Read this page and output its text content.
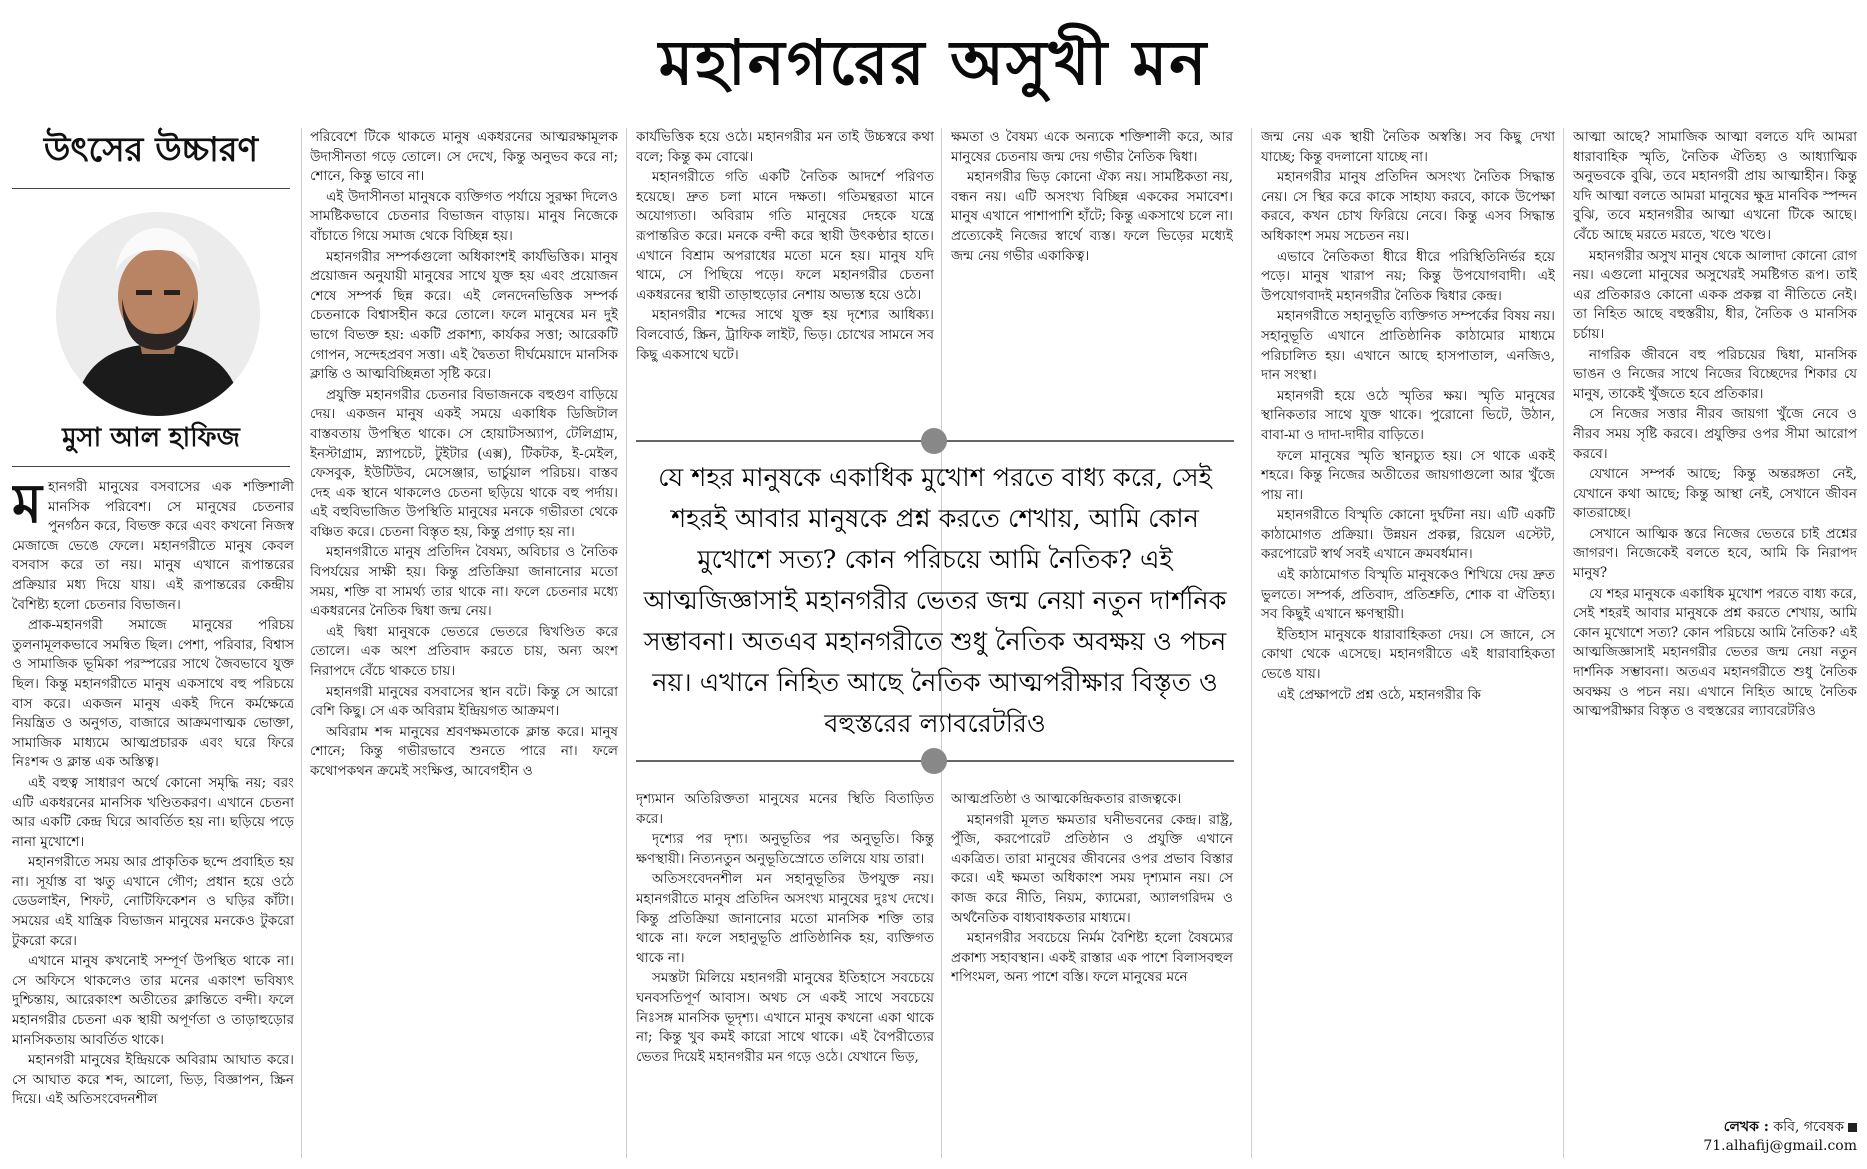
মহানগরের অসুখী মন
উৎসের উচ্চারণ
মুসা আল হাফিজ

মহানগরী মানুষের বসবাসের এক শক্তিশালী মানসিক পরিবেশ। সে মানুষের চেতনার পুনর্গঠন করে, বিভক্ত করে এবং কখনো নিজস্ব মেজাজে ভেঙে ফেলে। মহানগরীতে মানুষ কেবল বসবাস করে তা নয়। মানুষ এখানে রূপান্তরের প্রক্রিয়ার মধ্য দিয়ে যায়। এই রূপান্তরের কেন্দ্রীয় বৈশিষ্ট্য হলো চেতনার বিভাজন।

প্রাক-মহানগরী সমাজে মানুষের পরিচয় তুলনামূলকভাবে সমন্বিত ছিল। পেশা, পরিবার, বিশ্বাস ও সামাজিক ভূমিকা পরস্পরের সাথে জৈবভাবে যুক্ত ছিল। কিন্তু মহানগরীতে মানুষ একসাথে বহু পরিচয়ে বাস করে। একজন মানুষ একই দিনে কর্মক্ষেত্রে নিয়ন্ত্রিত ও অনুগত, বাজারে আক্রমণাত্মক ভোক্তা, সামাজিক মাধ্যমে আত্মপ্রচারক এবং ঘরে ফিরে নিঃশব্দ ও ক্লান্ত এক অস্তিত্ব।

এই বহুত্ব সাধারণ অর্থে কোনো সমৃদ্ধি নয়; বরং এটি একধরনের মানসিক খণ্ডিতকরণ। এখানে চেতনা আর একটি কেন্দ্র ঘিরে আবর্তিত হয় না। ছড়িয়ে পড়ে নানা মুখোশে।

মহানগরীতে সময় আর প্রাকৃতিক ছন্দে প্রবাহিত হয় না। সূর্যাস্ত বা ঋতু এখানে গৌণ; প্রধান হয়ে ওঠে ডেডলাইন, শিফট, নোটিফিকেশন ও ঘড়ির কাঁটা। সময়ের এই যান্ত্রিক বিভাজন মানুষের মনকেও টুকরো টুকরো করে।

এখানে মানুষ কখনোই সম্পূর্ণ উপস্থিত থাকে না। সে অফিসে থাকলেও তার মনের একাংশ ভবিষ্যৎ দুশ্চিন্তায়, আরেকাংশ অতীতের ক্লান্তিতে বন্দী। ফলে মহানগরীর চেতনা এক স্থায়ী অপূর্ণতা ও তাড়াহুড়োর মানসিকতায় আবর্তিত থাকে।

মহানগরী মানুষের ইন্দ্রিয়কে অবিরাম আঘাত করে। সে আঘাত করে শব্দ, আলো, ভিড়, বিজ্ঞাপন, স্ক্রিন দিয়ে। এই অতিসংবেদনশীল

পরিবেশে টিকে থাকতে মানুষ একধরনের আত্মরক্ষামূলক উদাসীনতা গড়ে তোলে। সে দেখে, কিন্তু অনুভব করে না; শোনে, কিন্তু ভাবে না।

এই উদাসীনতা মানুষকে ব্যক্তিগত পর্যায়ে সুরক্ষা দিলেও সামষ্টিকভাবে চেতনার বিভাজন বাড়ায়। মানুষ নিজেকে বাঁচাতে গিয়ে সমাজ থেকে বিচ্ছিন্ন হয়।

মহানগরীর সম্পর্কগুলো অধিকাংশই কার্যভিত্তিক। মানুষ প্রয়োজন অনুযায়ী মানুষের সাথে যুক্ত হয় এবং প্রয়োজন শেষে সম্পর্ক ছিন্ন করে। এই লেনদেনভিত্তিক সম্পর্ক চেতনাকে বিশ্বাসহীন করে তোলে। ফলে মানুষের মন দুই ভাগে বিভক্ত হয়: একটি প্রকাশ্য, কার্যকর সত্তা; আরেকটি গোপন, সন্দেহপ্রবণ সত্তা। এই দ্বৈততা দীর্ঘমেয়াদে মানসিক ক্লান্তি ও আত্মবিচ্ছিন্নতা সৃষ্টি করে।

প্রযুক্তি মহানগরীর চেতনার বিভাজনকে বহুগুণ বাড়িয়ে দেয়। একজন মানুষ একই সময়ে একাধিক ডিজিটাল বাস্তবতায় উপস্থিত থাকে। সে হোয়াটসঅ্যাপ, টেলিগ্রাম, ইনস্টাগ্রাম, স্ন্যাপচেট, টুইটার (এক্স), টিকটক, ই-মেইল, ফেসবুক, ইউটিউব, মেসেঞ্জার, ভার্চুয়াল পরিচয়। বাস্তব দেহ এক স্থানে থাকলেও চেতনা ছড়িয়ে থাকে বহু পর্দায়। এই বহুবিভাজিত উপস্থিতি মানুষের মনকে গভীরতা থেকে বঞ্চিত করে। চেতনা বিস্তৃত হয়, কিন্তু প্রগাঢ় হয় না।

মহানগরীতে মানুষ প্রতিদিন বৈষম্য, অবিচার ও নৈতিক বিপর্যয়ের সাক্ষী হয়। কিন্তু প্রতিক্রিয়া জানানোর মতো সময়, শক্তি বা সামর্থ্য তার থাকে না। ফলে চেতনার মধ্যে একধরনের নৈতিক দ্বিধা জন্ম নেয়।

এই দ্বিধা মানুষকে ভেতরে ভেতরে দ্বিখণ্ডিত করে তোলে। এক অংশ প্রতিবাদ করতে চায়, অন্য অংশ নিরাপদে বেঁচে থাকতে চায়।

মহানগরী মানুষের বসবাসের স্থান বটে। কিন্তু সে আরো বেশি কিছু। সে এক অবিরাম ইন্দ্রিয়গত আক্রমণ।

অবিরাম শব্দ মানুষের শ্রবণক্ষমতাকে ক্লান্ত করে। মানুষ শোনে; কিন্তু গভীরভাবে শুনতে পারে না। ফলে কথোপকথন ক্রমেই সংক্ষিপ্ত, আবেগহীন ও

কার্যভিত্তিক হয়ে ওঠে। মহানগরীর মন তাই উচ্চস্বরে কথা বলে; কিন্তু কম বোঝে।

মহানগরীতে গতি একটি নৈতিক আদর্শে পরিণত হয়েছে। দ্রুত চলা মানে দক্ষতা। গতিমন্থরতা মানে অযোগ্যতা। অবিরাম গতি মানুষের দেহকে যন্ত্রে রূপান্তরিত করে। মনকে বন্দী করে স্থায়ী উৎকণ্ঠার হাতে। এখানে বিশ্রাম অপরাধের মতো মনে হয়। মানুষ যদি থামে, সে পিছিয়ে পড়ে। ফলে মহানগরীর চেতনা একধরনের স্থায়ী তাড়াহুড়োর নেশায় অভ্যস্ত হয়ে ওঠে।

মহানগরীর শব্দের সাথে যুক্ত হয় দৃশ্যের আধিক্য। বিলবোর্ড, স্ক্রিন, ট্রাফিক লাইট, ভিড়। চোখের সামনে সব কিছু একসাথে ঘটে।

ক্ষমতা ও বৈষম্য একে অন্যকে শক্তিশালী করে, আর মানুষের চেতনায় জন্ম দেয় গভীর নৈতিক দ্বিধা।

মহানগরীর ভিড় কোনো ঐক্য নয়। সামষ্টিকতা নয়, বন্ধন নয়। এটি অসংখ্য বিচ্ছিন্ন এককের সমাবেশ। মানুষ এখানে পাশাপাশি হাঁটে; কিন্তু একসাথে চলে না। প্রত্যেকেই নিজের স্বার্থে ব্যস্ত। ফলে ভিড়ের মধ্যেই জন্ম নেয় গভীর একাকিত্ব।

যে শহর মানুষকে একাধিক মুখোশ পরতে বাধ্য করে, সেই শহরই আবার মানুষকে প্রশ্ন করতে শেখায়, আমি কোন মুখোশে সত্য? কোন পরিচয়ে আমি নৈতিক? এই আত্মজিজ্ঞাসাই মহানগরীর ভেতর জন্ম নেয়া নতুন দার্শনিক সম্ভাবনা। অতএব মহানগরীতে শুধু নৈতিক অবক্ষয় ও পচন নয়। এখানে নিহিত আছে নৈতিক আত্মপরীক্ষার বিস্তৃত ও বহুস্তরের ল্যাবরেটরিও

দৃশ্যমান অতিরিক্ততা মানুষের মনের স্থিতি বিতাড়িত করে।

দৃশ্যের পর দৃশ্য। অনুভূতির পর অনুভূতি। কিন্তু ক্ষণস্থায়ী। নিত্যনতুন অনুভূতিস্রোতে তলিয়ে যায় তারা।

অতিসংবেদনশীল মন সহানুভূতির উপযুক্ত নয়। মহানগরীতে মানুষ প্রতিদিন অসংখ্য মানুষের দুঃখ দেখে। কিন্তু প্রতিক্রিয়া জানানোর মতো মানসিক শক্তি তার থাকে না। ফলে সহানুভূতি প্রাতিষ্ঠানিক হয়, ব্যক্তিগত থাকে না।

সমস্তটা মিলিয়ে মহানগরী মানুষের ইতিহাসে সবচেয়ে ঘনবসতিপূর্ণ আবাস। অথচ সে একই সাথে সবচেয়ে নিঃসঙ্গ মানসিক ভূদৃশ্য। এখানে মানুষ কখনো একা থাকে না; কিন্তু খুব কমই কারো সাথে থাকে। এই বৈপরীত্যের ভেতর দিয়েই মহানগরীর মন গড়ে ওঠে। যেখানে ভিড়,

আত্মপ্রতিষ্ঠা ও আত্মকেন্দ্রিকতার রাজত্বকে।

মহানগরী মূলত ক্ষমতার ঘনীভবনের কেন্দ্র। রাষ্ট্র, পুঁজি, করপোরেট প্রতিষ্ঠান ও প্রযুক্তি এখানে একত্রিত। তারা মানুষের জীবনের ওপর প্রভাব বিস্তার করে। এই ক্ষমতা অধিকাংশ সময় দৃশ্যমান নয়। সে কাজ করে নীতি, নিয়ম, ক্যামেরা, অ্যালগরিদম ও অর্থনৈতিক বাধ্যবাধকতার মাধ্যমে।

মহানগরীর সবচেয়ে নির্মম বৈশিষ্ট্য হলো বৈষম্যের প্রকাশ্য সহাবস্থান। একই রাস্তার এক পাশে বিলাসবহুল শপিংমল, অন্য পাশে বস্তি। ফলে মানুষের মনে

জন্ম নেয় এক স্থায়ী নৈতিক অস্বস্তি। সব কিছু দেখা যাচ্ছে; কিন্তু বদলানো যাচ্ছে না।

মহানগরীর মানুষ প্রতিদিন অসংখ্য নৈতিক সিদ্ধান্ত নেয়। সে স্থির করে কাকে সাহায্য করবে, কাকে উপেক্ষা করবে, কখন চোখ ফিরিয়ে নেবে। কিন্তু এসব সিদ্ধান্ত অধিকাংশ সময় সচেতন নয়।

এভাবে নৈতিকতা ধীরে ধীরে পরিস্থিতিনির্ভর হয়ে পড়ে। মানুষ খারাপ নয়; কিন্তু উপযোগবাদী। এই উপযোগবাদই মহানগরীর নৈতিক দ্বিধার কেন্দ্র।

মহানগরীতে সহানুভূতি ব্যক্তিগত সম্পর্কের বিষয় নয়। সহানুভূতি এখানে প্রাতিষ্ঠানিক কাঠামোর মাধ্যমে পরিচালিত হয়। এখানে আছে হাসপাতাল, এনজিও, দান সংস্থা।

মহানগরী হয়ে ওঠে স্মৃতির ক্ষয়। স্মৃতি মানুষের স্থানিকতার সাথে যুক্ত থাকে। পুরোনো ভিটে, উঠান, বাবা-মা ও দাদা-দাদীর বাড়িতে।

ফলে মানুষের স্মৃতি স্থানচ্যুত হয়। সে থাকে একই শহরে। কিন্তু নিজের অতীতের জায়গাগুলো আর খুঁজে পায় না।

মহানগরীতে বিস্মৃতি কোনো দুর্ঘটনা নয়। এটি একটি কাঠামোগত প্রক্রিয়া। উন্নয়ন প্রকল্প, রিয়েল এস্টেট, করপোরেট স্বার্থ সবই এখানে ক্রমবর্ধমান।

এই কাঠামোগত বিস্মৃতি মানুষকেও শিখিয়ে দেয় দ্রুত ভুলতে। সম্পর্ক, প্রতিবাদ, প্রতিশ্রুতি, শোক বা ঐতিহ্য। সব কিছুই এখানে ক্ষণস্থায়ী।

ইতিহাস মানুষকে ধারাবাহিকতা দেয়। সে জানে, সে কোথা থেকে এসেছে। মহানগরীতে এই ধারাবাহিকতা ভেঙে যায়।

এই প্রেক্ষাপটে প্রশ্ন ওঠে, মহানগরীর কি

আত্মা আছে? সামাজিক আত্মা বলতে যদি আমরা ধারাবাহিক স্মৃতি, নৈতিক ঐতিহ্য ও আধ্যাত্মিক অনুভবকে বুঝি, তবে মহানগরী প্রায় আত্মাহীন। কিন্তু যদি আত্মা বলতে আমরা মানুষের ক্ষুদ্র মানবিক স্পন্দন বুঝি, তবে মহানগরীর আত্মা এখনো টিকে আছে। বেঁচে আছে মরতে মরতে, খণ্ডে খণ্ডে।

মহানগরীর অসুখ মানুষ থেকে আলাদা কোনো রোগ নয়। এগুলো মানুষের অসুখেরই সমষ্টিগত রূপ। তাই এর প্রতিকারও কোনো একক প্রকল্প বা নীতিতে নেই। তা নিহিত আছে বহুস্তরীয়, ধীর, নৈতিক ও মানসিক চর্চায়।

নাগরিক জীবনে বহু পরিচয়ের দ্বিধা, মানসিক ভাঙন ও নিজের সাথে নিজের বিচ্ছেদের শিকার যে মানুষ, তাকেই খুঁজতে হবে প্রতিকার।

সে নিজের সত্তার নীরব জায়গা খুঁজে নেবে ও নীরব সময় সৃষ্টি করবে। প্রযুক্তির ওপর সীমা আরোপ করবে।

যেখানে সম্পর্ক আছে; কিন্তু অন্তরঙ্গতা নেই, যেখানে কথা আছে; কিন্তু আস্থা নেই, সেখানে জীবন কাতরাচ্ছে।

সেখানে আত্মিক স্তরে নিজের ভেতরে চাই প্রশ্নের জাগরণ। নিজেকেই বলতে হবে, আমি কি নিরাপদ মানুষ?

যে শহর মানুষকে একাধিক মুখোশ পরতে বাধ্য করে, সেই শহরই আবার মানুষকে প্রশ্ন করতে শেখায়, আমি কোন মুখোশে সত্য? কোন পরিচয়ে আমি নৈতিক? এই আত্মজিজ্ঞাসাই মহানগরীর ভেতর জন্ম নেয়া নতুন দার্শনিক সম্ভাবনা। অতএব মহানগরীতে শুধু নৈতিক অবক্ষয় ও পচন নয়। এখানে নিহিত আছে নৈতিক আত্মপরীক্ষার বিস্তৃত ও বহুস্তরের ল্যাবরেটরিও

লেখক : কবি, গবেষক
71.alhafij@gmail.com
